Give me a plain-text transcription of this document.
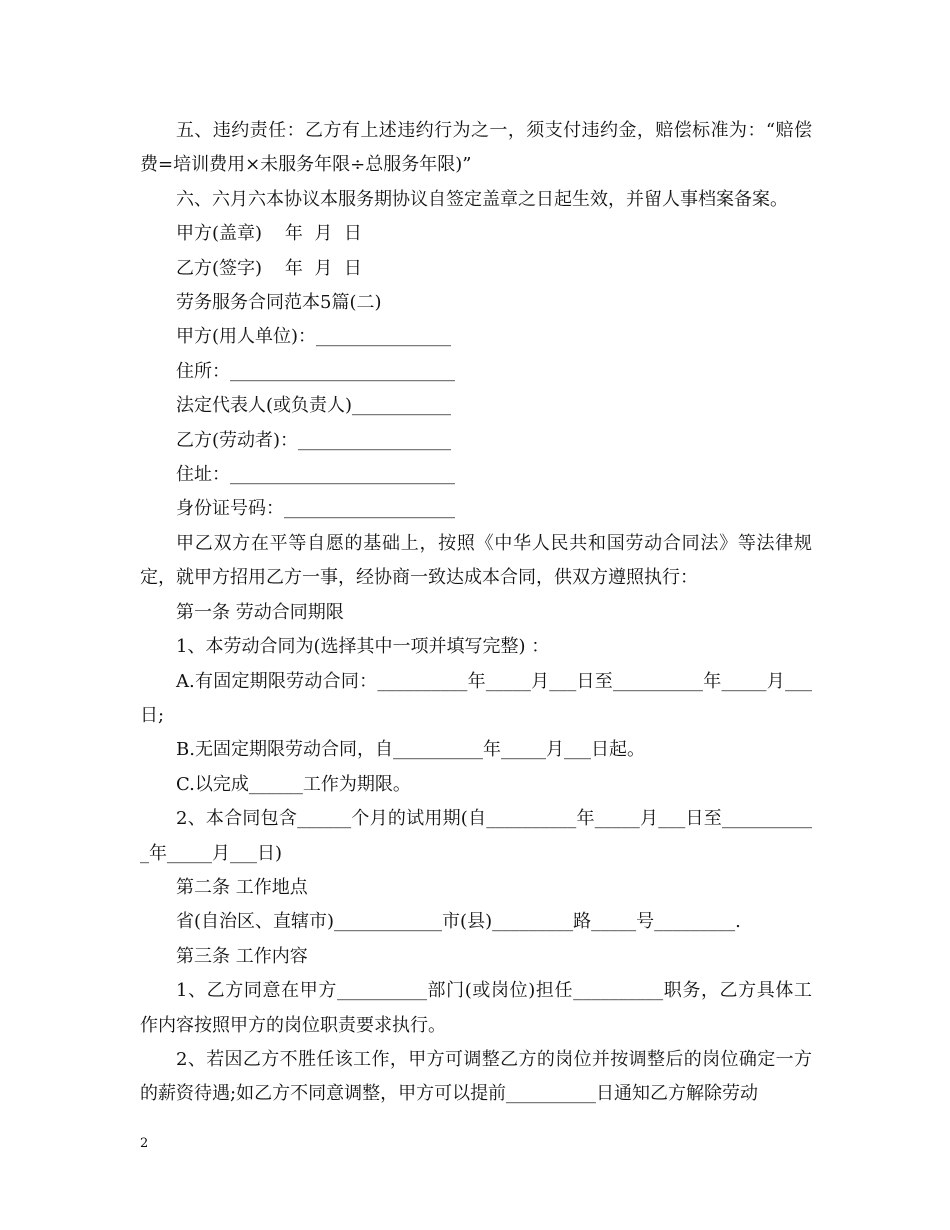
五、违约责任：乙方有上述违约行为之一，须支付违约金，赔偿标准为：“赔偿费=培训费用×未服务年限÷总服务年限)”

六、六月六本协议本服务期协议自签定盖章之日起生效，并留人事档案备案。

甲方(盖章)    年  月  日

乙方(签字)    年  月  日

劳务服务合同范本5篇(二)

甲方(用人单位)：_______________

住所：_________________________

法定代表人(或负责人)___________

乙方(劳动者)：_________________

住址：_________________________

身份证号码：___________________

甲乙双方在平等自愿的基础上，按照《中华人民共和国劳动合同法》等法律规定，就甲方招用乙方一事，经协商一致达成本合同，供双方遵照执行：

第一条 劳动合同期限

1、本劳动合同为(选择其中一项并填写完整) ：

A.有固定期限劳动合同：__________年_____月___日至__________年_____月___日;

B.无固定期限劳动合同，自__________年_____月___日起。

C.以完成______工作为期限。

2、本合同包含______个月的试用期(自__________年_____月___日至___________年_____月___日)

第二条 工作地点

省(自治区、直辖市)____________市(县)_________路_____号_________.

第三条 工作内容

1、乙方同意在甲方__________部门(或岗位)担任__________职务，乙方具体工作内容按照甲方的岗位职责要求执行。

2、若因乙方不胜任该工作，甲方可调整乙方的岗位并按调整后的岗位确定一方的薪资待遇;如乙方不同意调整，甲方可以提前__________日通知乙方解除劳动

2
